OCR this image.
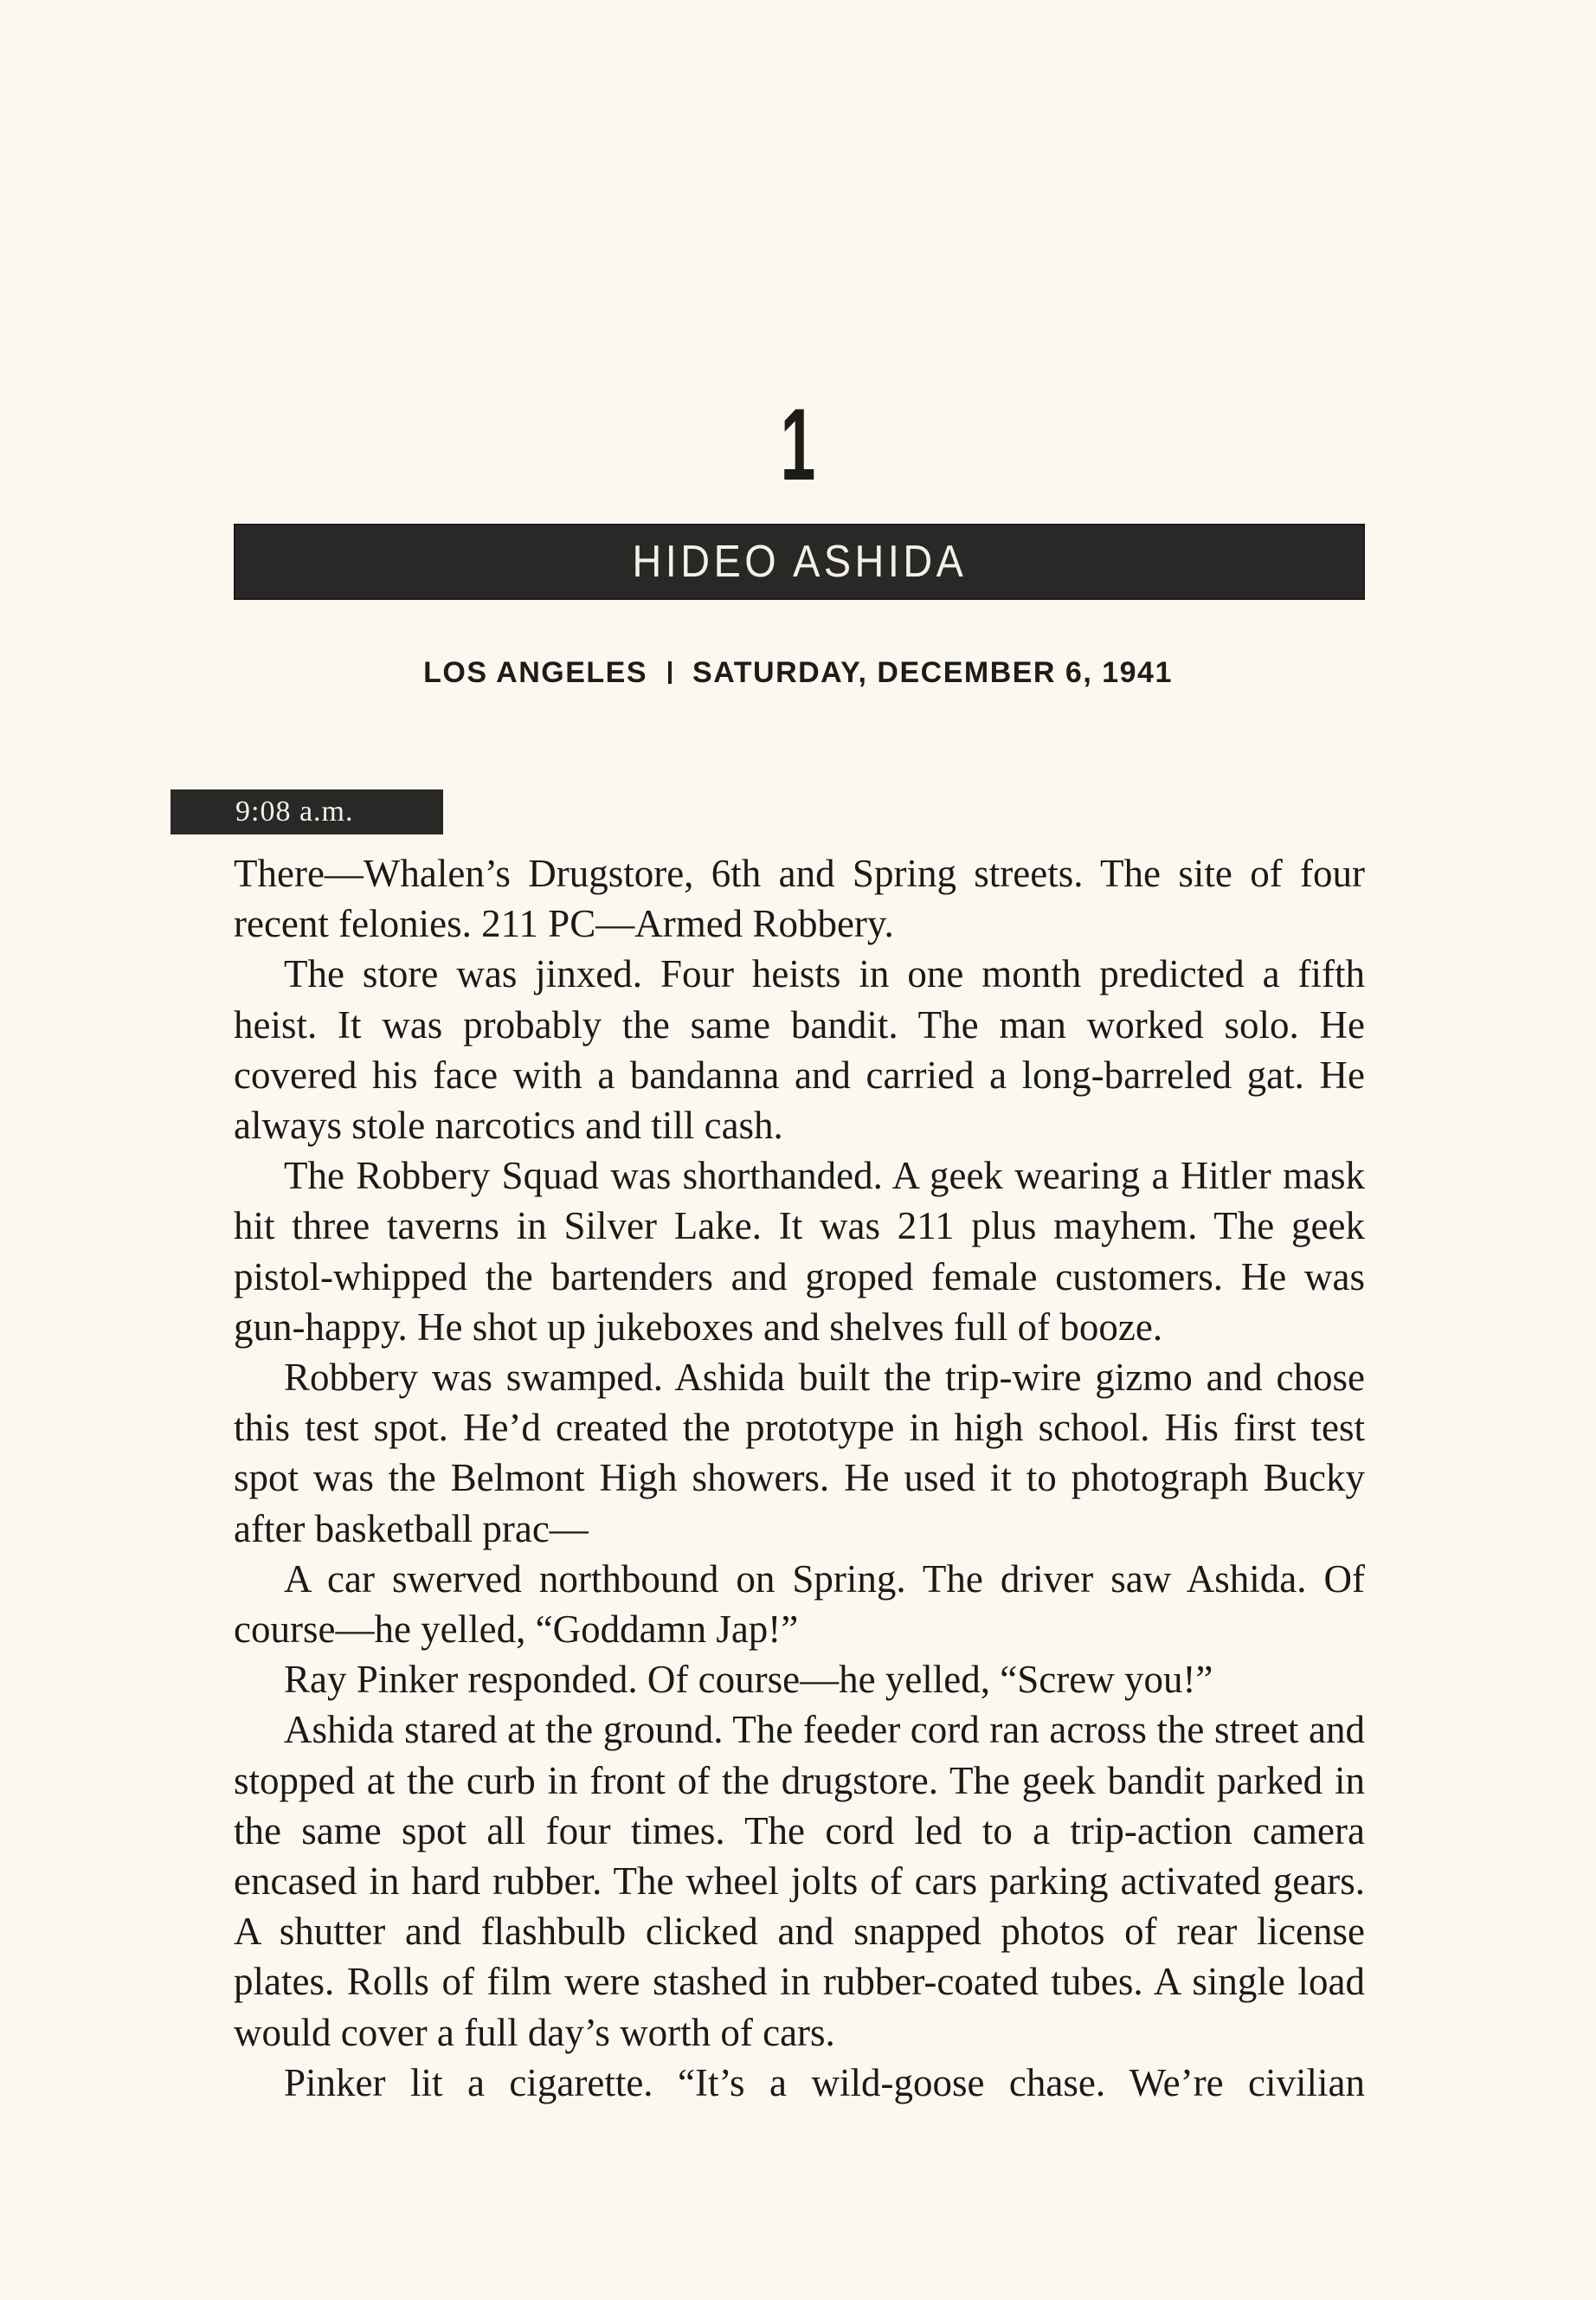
1
HIDEO ASHIDA
LOS ANGELES SATURDAY, DECEMBER 6, 1941
9:08 a.m.

There—Whalen’s Drugstore, 6th and Spring streets. The site of four recent felonies. 211 PC—Armed Robbery.

The store was jinxed. Four heists in one month predicted a fifth heist. It was probably the same bandit. The man worked solo. He covered his face with a bandanna and carried a long-barreled gat. He always stole narcotics and till cash.

The Robbery Squad was shorthanded. A geek wearing a Hitler mask hit three taverns in Silver Lake. It was 211 plus mayhem. The geek pistol-whipped the bartenders and groped female customers. He was gun-happy. He shot up jukeboxes and shelves full of booze.

Robbery was swamped. Ashida built the trip-wire gizmo and chose this test spot. He’d created the prototype in high school. His first test spot was the Belmont High showers. He used it to photograph Bucky after basketball prac—

A car swerved northbound on Spring. The driver saw Ashida. Of course—he yelled, “Goddamn Jap!”

Ray Pinker responded. Of course—he yelled, “Screw you!”

Ashida stared at the ground. The feeder cord ran across the street and stopped at the curb in front of the drugstore. The geek bandit parked in the same spot all four times. The cord led to a trip-action camera encased in hard rubber. The wheel jolts of cars parking activated gears. A shutter and flashbulb clicked and snapped photos of rear license plates. Rolls of film were stashed in rubber-coated tubes. A single load would cover a full day’s worth of cars.

Pinker lit a cigarette. “It’s a wild-goose chase. We’re civilian
